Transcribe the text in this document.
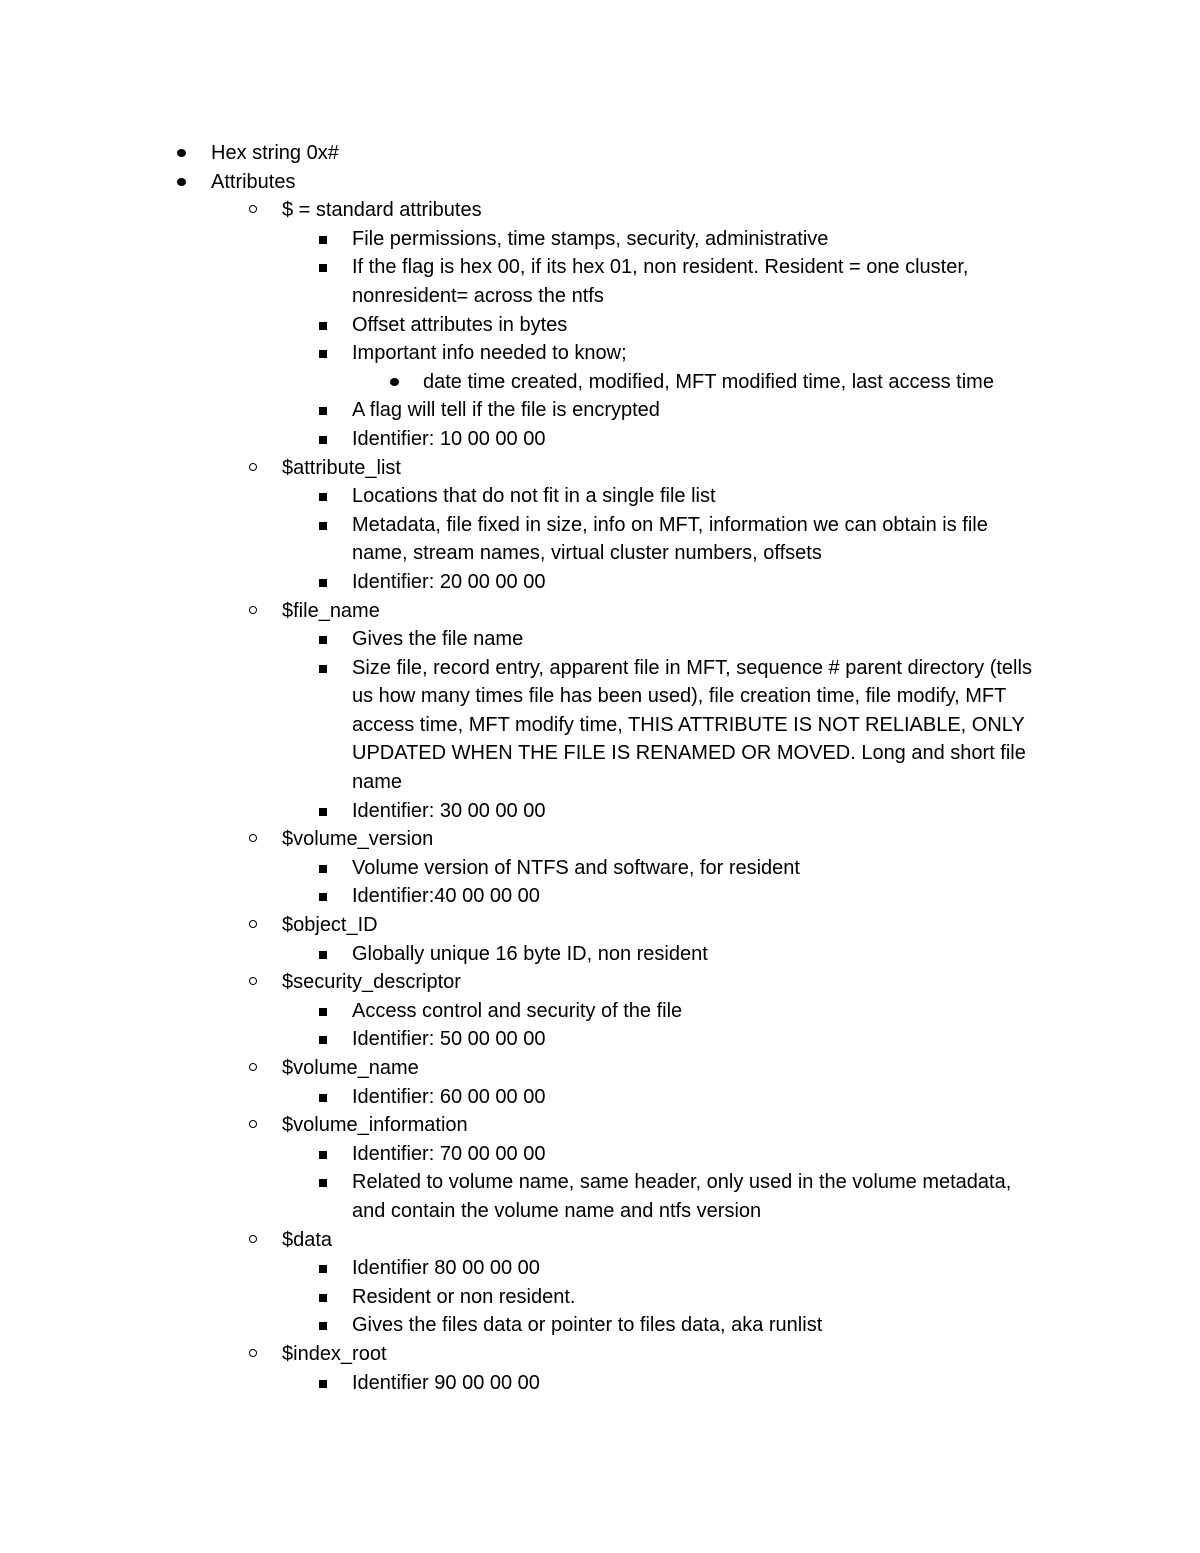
Hex string 0x#
Attributes
$ = standard attributes
File permissions, time stamps, security, administrative
If the flag is hex 00, if its hex 01, non resident. Resident = one cluster, nonresident= across the ntfs
Offset attributes in bytes
Important info needed to know;
date time created, modified, MFT modified time, last access time
A flag will tell if the file is encrypted
Identifier: 10 00 00 00
$attribute_list
Locations that do not fit in a single file list
Metadata, file fixed in size, info on MFT, information we can obtain is file name, stream names, virtual cluster numbers, offsets
Identifier: 20 00 00 00
$file_name
Gives the file name
Size file, record entry, apparent file in MFT, sequence # parent directory (tells us how many times file has been used), file creation time, file modify, MFT access time, MFT modify time, THIS ATTRIBUTE IS NOT RELIABLE, ONLY UPDATED WHEN THE FILE IS RENAMED OR MOVED. Long and short file name
Identifier: 30 00 00 00
$volume_version
Volume version of NTFS and software, for resident
Identifier:40 00 00 00
$object_ID
Globally unique 16 byte ID, non resident
$security_descriptor
Access control and security of the file
Identifier: 50 00 00 00
$volume_name
Identifier: 60 00 00 00
$volume_information
Identifier: 70 00 00 00
Related to volume name, same header, only used in the volume metadata, and contain the volume name and ntfs version
$data
Identifier 80 00 00 00
Resident or non resident.
Gives the files data or pointer to files data, aka runlist
$index_root
Identifier 90 00 00 00
